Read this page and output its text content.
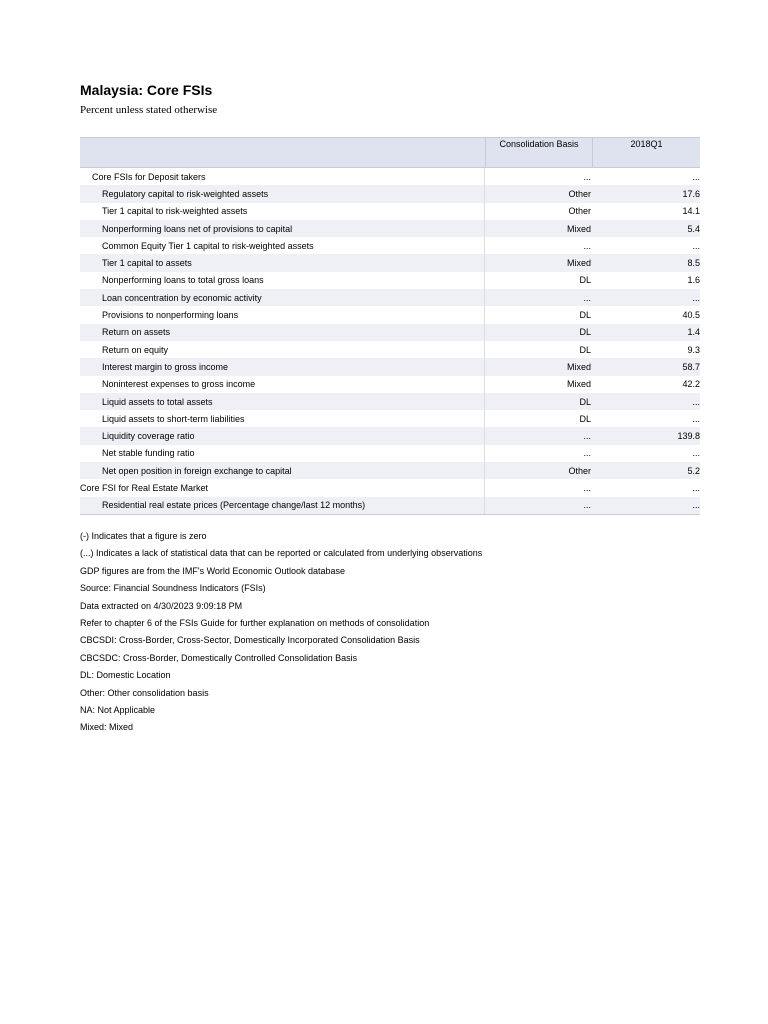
Malaysia: Core FSIs
Percent unless stated otherwise
Consolidation Basis	2018Q1
Core FSIs for Deposit takers	...	...
Regulatory capital to risk-weighted assets	Other	17.6
Tier 1 capital to risk-weighted assets	Other	14.1
Nonperforming loans net of provisions to capital	Mixed	5.4
Common Equity Tier 1 capital to risk-weighted assets	...	...
Tier 1 capital to assets	Mixed	8.5
Nonperforming loans to total gross loans	DL	1.6
Loan concentration by economic activity	...	...
Provisions to nonperforming loans	DL	40.5
Return on assets	DL	1.4
Return on equity	DL	9.3
Interest margin to gross income	Mixed	58.7
Noninterest expenses to gross income	Mixed	42.2
Liquid assets to total assets	DL	...
Liquid assets to short-term liabilities	DL	...
Liquidity coverage ratio	...	139.8
Net stable funding ratio	...	...
Net open position in foreign exchange to capital	Other	5.2
Core FSI for Real Estate Market	...	...
Residential real estate prices (Percentage change/last 12 months)	...	...
(-) Indicates that a figure is zero
(...) Indicates a lack of statistical data that can be reported or calculated from underlying observations
GDP figures are from the IMF's World Economic Outlook database
Source: Financial Soundness Indicators (FSIs)
Data extracted on 4/30/2023 9:09:18 PM
Refer to chapter 6 of the FSIs Guide for further explanation on methods of consolidation
CBCSDI: Cross-Border, Cross-Sector, Domestically Incorporated Consolidation Basis
CBCSDC: Cross-Border, Domestically Controlled Consolidation Basis
DL: Domestic Location
Other: Other consolidation basis
NA: Not Applicable
Mixed: Mixed
